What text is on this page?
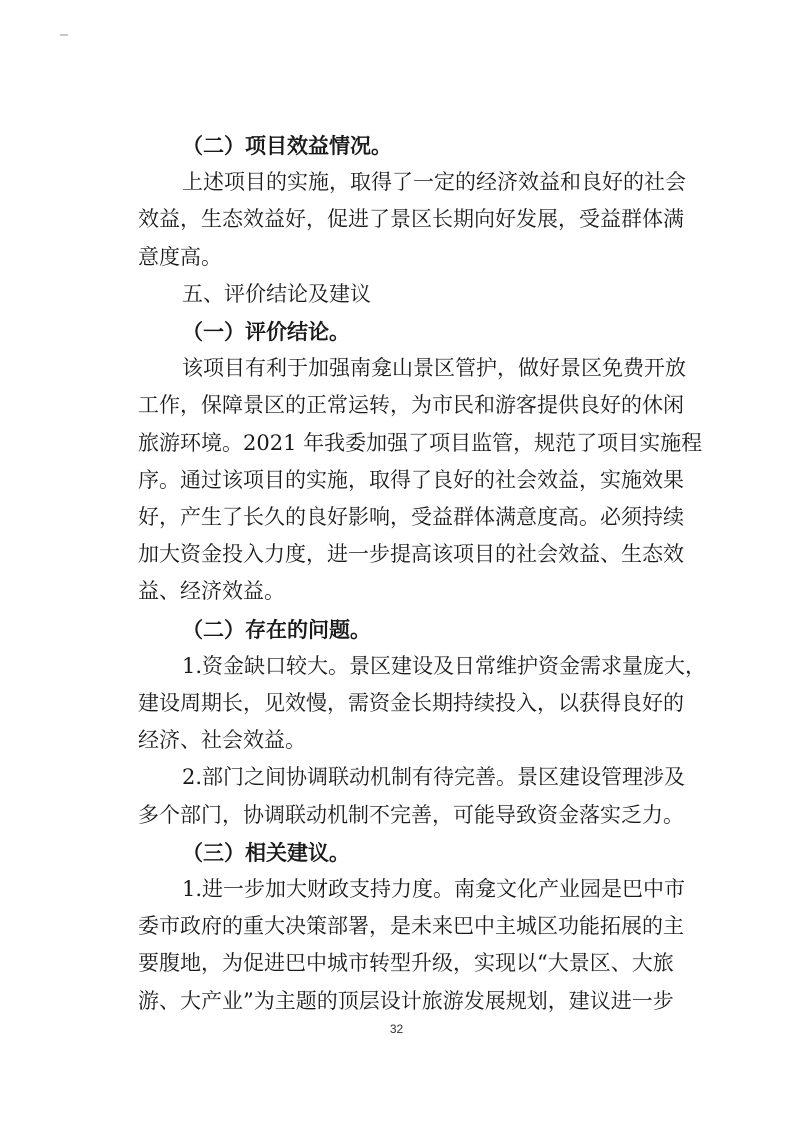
（二）项目效益情况。
上述项目的实施，取得了一定的经济效益和良好的社会
效益，生态效益好，促进了景区长期向好发展，受益群体满
意度高。
五、评价结论及建议
（一）评价结论。
该项目有利于加强南龛山景区管护，做好景区免费开放
工作，保障景区的正常运转，为市民和游客提供良好的休闲
旅游环境。2021 年我委加强了项目监管，规范了项目实施程
序。通过该项目的实施，取得了良好的社会效益，实施效果
好，产生了长久的良好影响，受益群体满意度高。必须持续
加大资金投入力度，进一步提高该项目的社会效益、生态效
益、经济效益。
（二）存在的问题。
1.资金缺口较大。景区建设及日常维护资金需求量庞大，
建设周期长，见效慢，需资金长期持续投入，以获得良好的
经济、社会效益。
2.部门之间协调联动机制有待完善。景区建设管理涉及
多个部门，协调联动机制不完善，可能导致资金落实乏力。
（三）相关建议。
1.进一步加大财政支持力度。南龛文化产业园是巴中市
委市政府的重大决策部署，是未来巴中主城区功能拓展的主
要腹地，为促进巴中城市转型升级，实现以“大景区、大旅
游、大产业”为主题的顶层设计旅游发展规划，建议进一步
32
